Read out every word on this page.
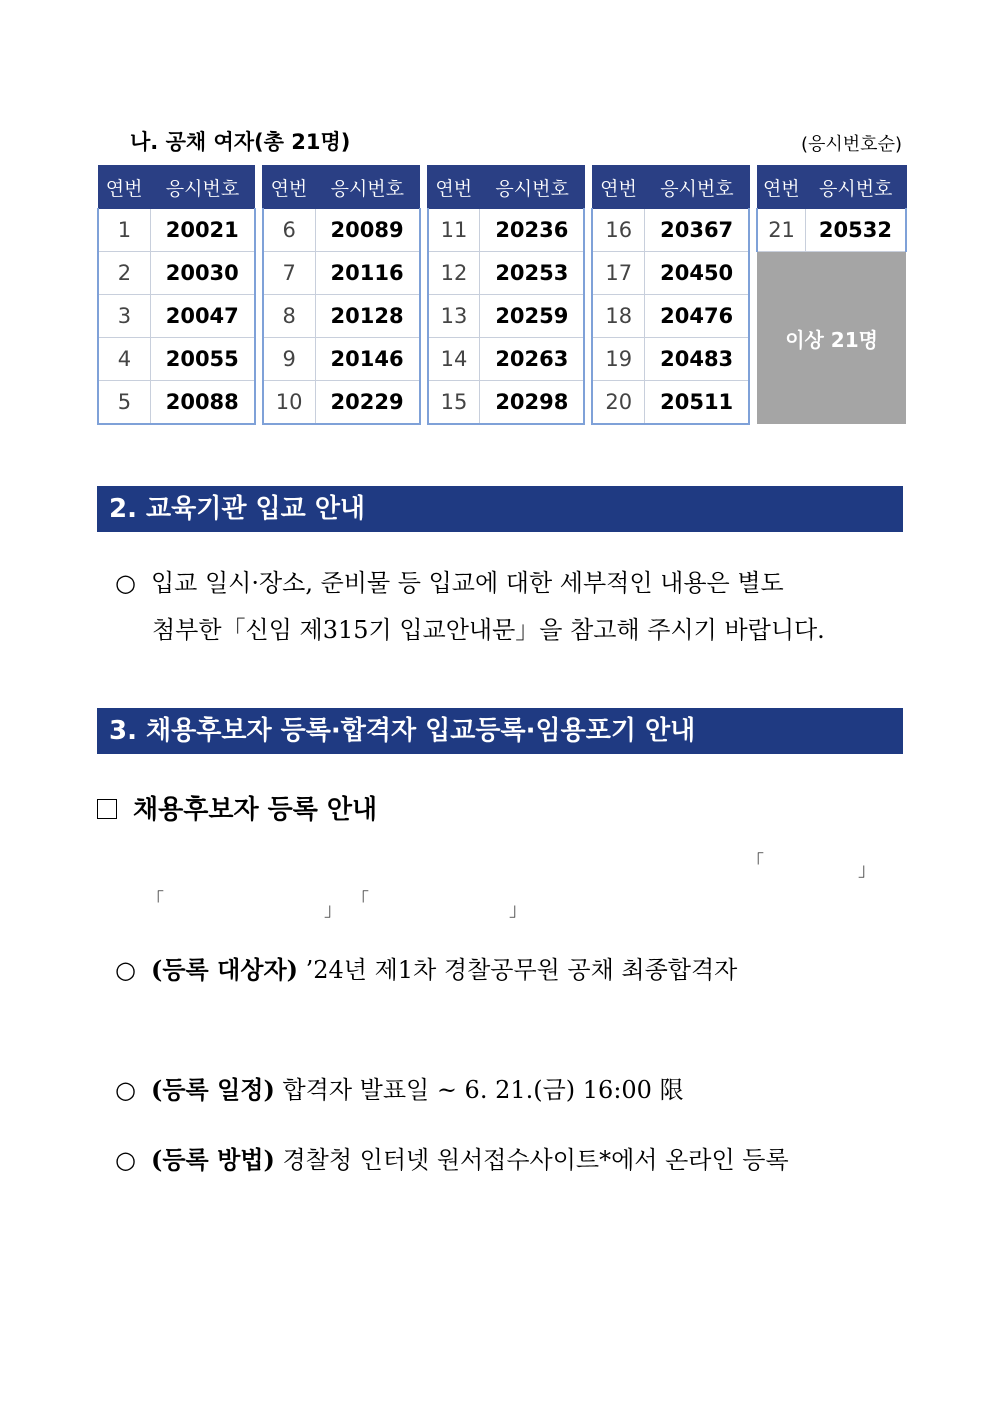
나. 공채 여자(총 21명)	(응시번호순)
연번	응시번호		연번	응시번호		연번	응시번호		연번	응시번호		연번	응시번호
1	20021		6	20089		11	20236		16	20367		21	20532
2	20030		7	20116		12	20253		17	20450		이상 21명	
3	20047		8	20128		13	20259		18	20476			
4	20055		9	20146		14	20263		19	20483			
5	20088		10	20229		15	20298		20	20511			
2. 교육기관 입교 안내
○ 입교 일시·장소, 준비물 등 입교에 대한 세부적인 내용은 별도
첨부한「신임 제315기 입교안내문」을 참고해 주시기 바랍니다.
3. 채용후보자 등록·합격자 입교등록·임용포기 안내
채용후보자 등록 안내
「	」
「	」 「	」
○ (등록 대상자) ’24년 제1차 경찰공무원 공채 최종합격자
○ (등록 일정) 합격자 발표일 ~ 6. 21.(금) 16:00 限
○ (등록 방법) 경찰청 인터넷 원서접수사이트*에서 온라인 등록
